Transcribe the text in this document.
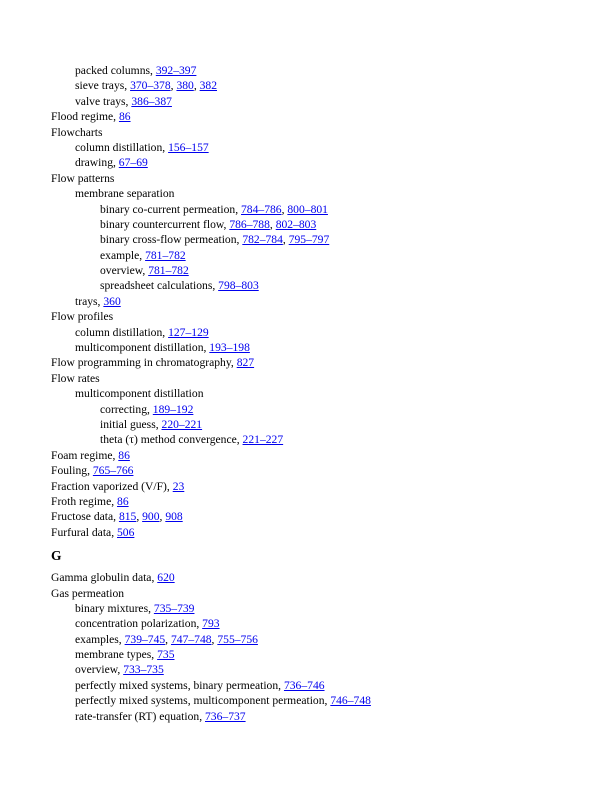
packed columns, 392–397
sieve trays, 370–378, 380, 382
valve trays, 386–387
Flood regime, 86
Flowcharts
column distillation, 156–157
drawing, 67–69
Flow patterns
membrane separation
binary co-current permeation, 784–786, 800–801
binary countercurrent flow, 786–788, 802–803
binary cross-flow permeation, 782–784, 795–797
example, 781–782
overview, 781–782
spreadsheet calculations, 798–803
trays, 360
Flow profiles
column distillation, 127–129
multicomponent distillation, 193–198
Flow programming in chromatography, 827
Flow rates
multicomponent distillation
correcting, 189–192
initial guess, 220–221
theta (τ) method convergence, 221–227
Foam regime, 86
Fouling, 765–766
Fraction vaporized (V/F), 23
Froth regime, 86
Fructose data, 815, 900, 908
Furfural data, 506
G
Gamma globulin data, 620
Gas permeation
binary mixtures, 735–739
concentration polarization, 793
examples, 739–745, 747–748, 755–756
membrane types, 735
overview, 733–735
perfectly mixed systems, binary permeation, 736–746
perfectly mixed systems, multicomponent permeation, 746–748
rate-transfer (RT) equation, 736–737
